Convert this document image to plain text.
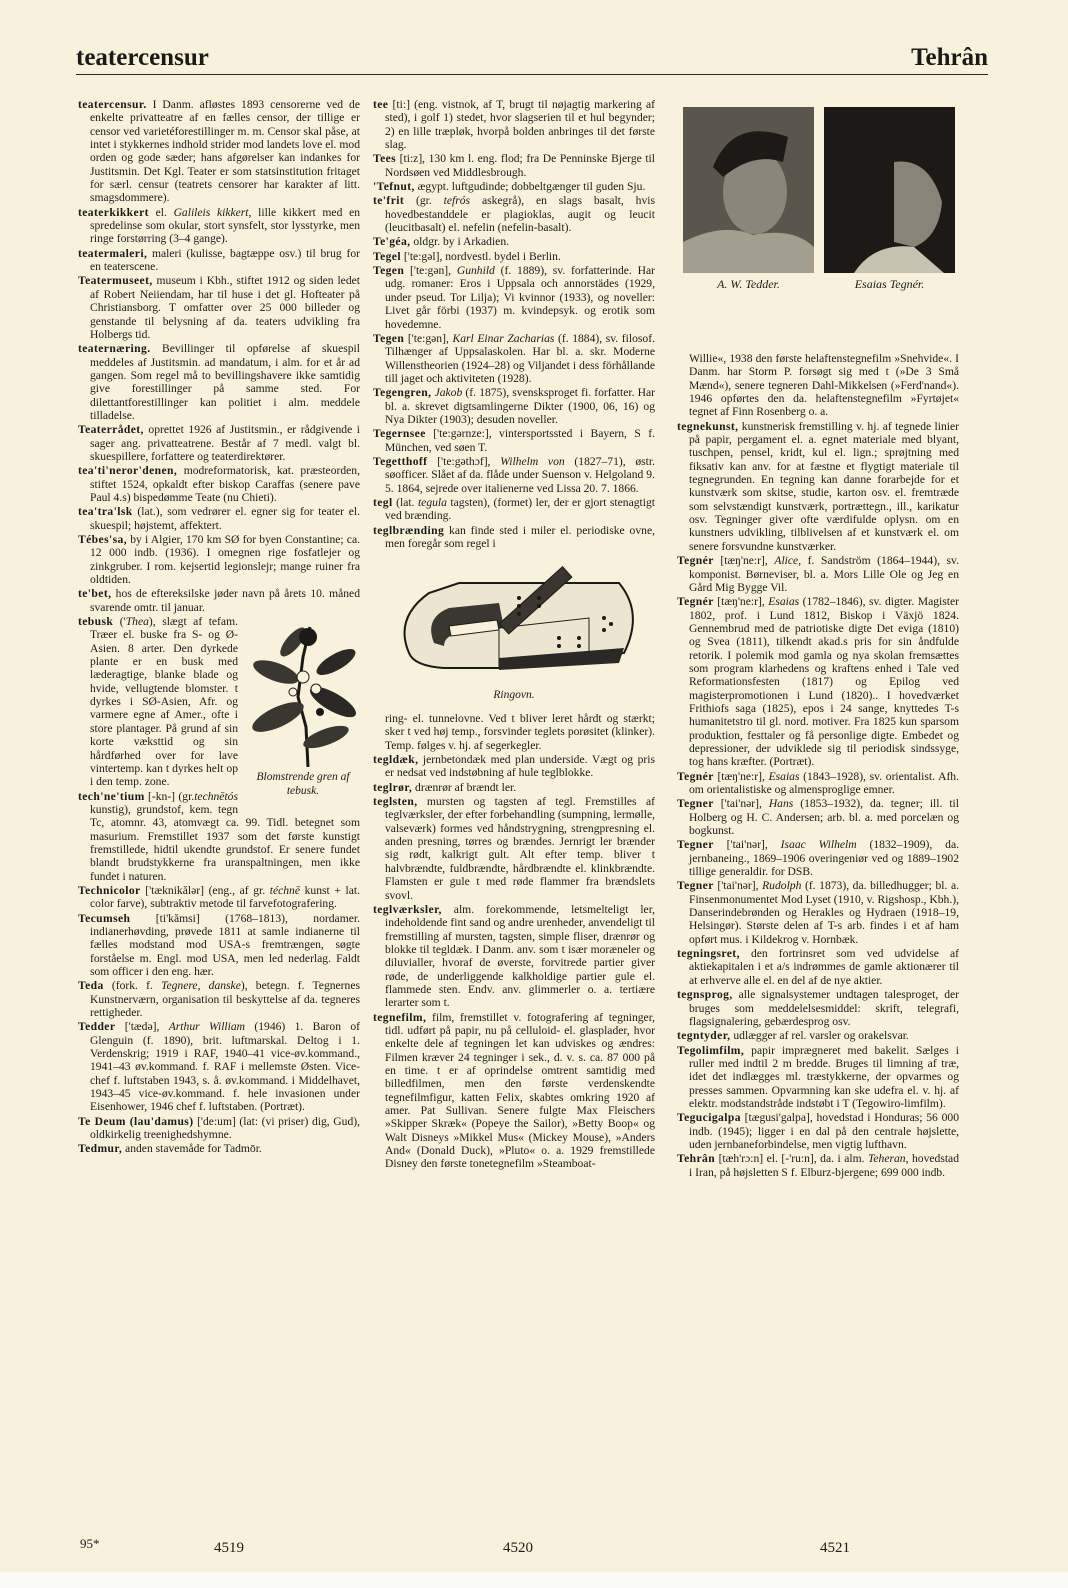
teatercensur	Tehrân

teatercensur. I Danm. afløstes 1893 censorerne ved de enkelte privatteatre af en fælles censor, der tillige er censor ved varietéforestillinger m. m. Censor skal påse, at intet i stykkernes indhold strider mod landets love el. mod orden og gode sæder; hans afgørelser kan indankes for Justitsmin. Det Kgl. Teater er som statsinstitution fritaget for særl. censur (teatrets censorer har karakter af litt. smagsdommere).

teaterkikkert el. Galileis kikkert, lille kikkert med en spredelinse som okular, stort synsfelt, stor lysstyrke, men ringe forstørring (3–4 gange).

teatermaleri, maleri (kulisse, bagtæppe osv.) til brug for en teaterscene.

Teatermuseet, museum i Kbh., stiftet 1912 og siden ledet af Robert Neiiendam, har til huse i det gl. Hofteater på Christiansborg. T omfatter over 25 000 billeder og genstande til belysning af da. teaters udvikling fra Holbergs tid.

teaternæring. Bevillinger til opførelse af skuespil meddeles af Justitsmin. ad mandatum, i alm. for et år ad gangen. Som regel må to bevillingshavere ikke samtidig give forestillinger på samme sted. For dilettantforestillinger kan politiet i alm. meddele tilladelse.

Teaterrådet, oprettet 1926 af Justitsmin., er rådgivende i sager ang. privatteatrene. Består af 7 medl. valgt bl. skuespillere, forfattere og teaterdirektører.

tea'ti'neror'denen, modreformatorisk, kat. præsteorden, stiftet 1524, opkaldt efter biskop Caraffas (senere pave Paul 4.s) bispedømme Teate (nu Chieti).

tea'tra'lsk (lat.), som vedrører el. egner sig for teater el. skuespil; højstemt, affektert.

Tébes'sa, by i Algier, 170 km SØ for byen Constantine; ca. 12 000 indb. (1936). I omegnen rige fosfatlejer og zinkgruber. I rom. kejsertid legionslejr; mange ruiner fra oldtiden.

te'bet, hos de eftereksilske jøder navn på årets 10. måned svarende omtr. til januar.

Blomstrende gren af tebusk.
tebusk ('Thea), slægt af tefam. Træer el. buske fra S- og Ø-Asien. 8 arter. Den dyrkede plante er en busk med læderagtige, blanke blade og hvide, vellugtende blomster. t dyrkes i SØ-Asien, Afr. og varmere egne af Amer., ofte i store plantager. På grund af sin korte væksttid og sin hårdførhed over for lave vintertemp. kan t dyrkes helt op i den temp. zone.

tech'ne'tium [-kn-] (gr.technētós kunstig), grundstof, kem. tegn Tc, atomnr. 43, atomvægt ca. 99. Tidl. betegnet som masurium. Fremstillet 1937 som det første kunstigt fremstillede, hidtil ukendte grundstof. Er senere fundet blandt brudstykkerne fra uranspaltningen, men ikke fundet i naturen.

Technicolor ['tæknikălər] (eng., af gr. téchnē kunst + lat. color farve), subtraktiv metode til farvefotografering.

Tecumseh [ti'kămsi] (1768–1813), nordamer. indianerhøvding, prøvede 1811 at samle indianerne til fælles modstand mod USA-s fremtrængen, søgte forståelse m. Engl. mod USA, men led nederlag. Faldt som officer i den eng. hær.

Teda (fork. f. Tegnere, danske), betegn. f. Tegnernes Kunstnerværn, organisation til beskyttelse af da. tegneres rettigheder.

Tedder ['tædə], Arthur William (1946) 1. Baron of Glenguin (f. 1890), brit. luftmarskal. Deltog i 1. Verdenskrig; 1919 i RAF, 1940–41 vice-øv.kommand., 1941–43 øv.kommand. f. RAF i mellemste Østen. Vice-chef f. luftstaben 1943, s. å. øv.kommand. i Middelhavet, 1943–45 vice-øv.kommand. f. hele invasionen under Eisenhower, 1946 chef f. luftstaben. (Portræt).

Te Deum (lau'damus) ['de:um] (lat: (vi priser) dig, Gud), oldkirkelig treenighedshymne.

Tedmur, anden stavemåde for Tadmōr.

tee [ti:] (eng. vistnok, af T, brugt til nøjagtig markering af sted), i golf 1) stedet, hvor slagserien til et hul begynder; 2) en lille træpløk, hvorpå bolden anbringes til det første slag.

Tees [ti:z], 130 km l. eng. flod; fra De Penninske Bjerge til Nordsøen ved Middlesbrough.

'Tefnut, ægypt. luftgudinde; dobbeltgænger til guden Sju.

te'frit (gr. tefrós askegrå), en slags basalt, hvis hovedbestanddele er plagioklas, augit og leucit (leucitbasalt) el. nefelin (nefelin-basalt).

Te'géa, oldgr. by i Arkadien.

Tegel ['te:gəl], nordvestl. bydel i Berlin.

Tegen ['te:gən], Gunhild (f. 1889), sv. forfatterinde. Har udg. romaner: Eros i Uppsala och annorstädes (1929, under pseud. Tor Lilja); Vi kvinnor (1933), og noveller: Livet går förbi (1937) m. kvindepsyk. og erotik som hovedemne.

Tegen ['te:gən], Karl Einar Zacharias (f. 1884), sv. filosof. Tilhænger af Uppsalaskolen. Har bl. a. skr. Moderne Willenstheorien (1924–28) og Viljandet i dess förhållande till jaget och aktiviteten (1928).

Tegengren, Jakob (f. 1875), svensksproget fi. forfatter. Har bl. a. skrevet digtsamlingerne Dikter (1900, 06, 16) og Nya Dikter (1903); desuden noveller.

Tegernsee ['te:gərnze:], vintersportssted i Bayern, S f. München, ved søen T.

Tegetthoff ['te:gəthɔf], Wilhelm von (1827–71), østr. søofficer. Slået af da. flåde under Suenson v. Helgoland 9. 5. 1864, sejrede over italienerne ved Lissa 20. 7. 1866.

tegl (lat. tegula tagsten), (formet) ler, der er gjort stenagtigt ved brænding.

teglbrænding kan finde sted i miler el. periodiske ovne, men foregår som regel i

Ringovn.

ring- el. tunnelovne. Ved t bliver leret hårdt og stærkt; sker t ved høj temp., forsvinder teglets porøsitet (klinker). Temp. følges v. hj. af segerkegler.

tegldæk, jernbetondæk med plan underside. Vægt og pris er nedsat ved indstøbning af hule teglblokke.

teglrør, drænrør af brændt ler.

teglsten, mursten og tagsten af tegl. Fremstilles af teglværksler, der efter forbehandling (sumpning, lermølle, valseværk) formes ved håndstrygning, strengpresning el. anden presning, tørres og brændes. Jernrigt ler brænder sig rødt, kalkrigt gult. Alt efter temp. bliver t halvbrændte, fuldbrændte, hårdbrændte el. klinkbrændte. Flamsten er gule t med røde flammer fra brændslets svovl.

teglværksler, alm. forekommende, letsmelteligt ler, indeholdende fint sand og andre urenheder, anvendeligt til fremstilling af mursten, tagsten, simple fliser, drænrør og blokke til tegldæk. I Danm. anv. som t især moræneler og diluvialler, hvoraf de øverste, forvitrede partier giver røde, de underliggende kalkholdige partier gule el. flammede sten. Endv. anv. glimmerler o. a. tertiære lerarter som t.

tegnefilm, film, fremstillet v. fotografering af tegninger, tidl. udført på papir, nu på celluloid- el. glasplader, hvor enkelte dele af tegningen let kan udviskes og ændres: Filmen kræver 24 tegninger i sek., d. v. s. ca. 87 000 på en time. t er af oprindelse omtrent samtidig med billedfilmen, men den første verdenskendte tegnefilmfigur, katten Felix, skabtes omkring 1920 af amer. Pat Sullivan. Senere fulgte Max Fleischers »Skipper Skræk« (Popeye the Sailor), »Betty Boop« og Walt Disneys »Mikkel Mus« (Mickey Mouse), »Anders And« (Donald Duck), »Pluto« o. a. 1929 fremstillede Disney den første tonetegnefilm »Steamboat-

A. W. Tedder.	Esaias Tegnér.

Willie«, 1938 den første helaftenstegnefilm »Snehvide«. I Danm. har Storm P. forsøgt sig med t (»De 3 Små Mænd«), senere tegneren Dahl-Mikkelsen (»Ferd'nand«). 1946 opførtes den da. helaftenstegnefilm »Fyrtøjet« tegnet af Finn Rosenberg o. a.

tegnekunst, kunstnerisk fremstilling v. hj. af tegnede linier på papir, pergament el. a. egnet materiale med blyant, tuschpen, pensel, kridt, kul el. lign.; sprøjtning med fiksativ kan anv. for at fæstne et flygtigt materiale til tegnegrunden. En tegning kan danne forarbejde for et kunstværk som skitse, studie, karton osv. el. fremtræde som selvstændigt kunstværk, portrættegn., ill., karikatur osv. Tegninger giver ofte værdifulde oplysn. om en kunstners udvikling, tilblivelsen af et kunstværk el. om senere forsvundne kunstværker.

Tegnér [tæŋ'ne:r], Alice, f. Sandström (1864–1944), sv. komponist. Børneviser, bl. a. Mors Lille Ole og Jeg en Gård Mig Bygge Vil.

Tegnér [tæŋ'ne:r], Esaias (1782–1846), sv. digter. Magister 1802, prof. i Lund 1812, Biskop i Växjö 1824. Gennembrud med de patriotiske digte Det eviga (1810) og Svea (1811), tilkendt akad.s pris for sin åndfulde retorik. I polemik mod gamla og nya skolan fremsættes som program klarhedens og kraftens enhed i Tale ved Reformationsfesten (1817) og Epilog ved magisterpromotionen i Lund (1820).. I hovedværket Frithiofs saga (1825), epos i 24 sange, knyttedes T-s humanitetstro til gl. nord. motiver. Fra 1825 kun sparsom produktion, festtaler og få personlige digte. Embedet og depressioner, der udviklede sig til periodisk sindssyge, tog hans kræfter. (Portræt).

Tegnér [tæŋ'ne:r], Esaias (1843–1928), sv. orientalist. Afh. om orientalistiske og almensproglige emner.

Tegner ['tai'nər], Hans (1853–1932), da. tegner; ill. til Holberg og H. C. Andersen; arb. bl. a. med porcelæn og bogkunst.

Tegner ['tai'nər], Isaac Wilhelm (1832–1909), da. jernbaneing., 1869–1906 overingeniør ved og 1889–1902 tillige generaldir. for DSB.

Tegner ['tai'nər], Rudolph (f. 1873), da. billedhugger; bl. a. Finsenmonumentet Mod Lyset (1910, v. Rigshosp., Kbh.), Danserindebrønden og Herakles og Hydraen (1918–19, Helsingør). Største delen af T-s arb. findes i et af ham opført mus. i Kildekrog v. Hornbæk.

tegningsret, den fortrinsret som ved udvidelse af aktiekapitalen i et a/s indrømmes de gamle aktionærer til at erhverve alle el. en del af de nye aktier.

tegnsprog, alle signalsystemer undtagen talesproget, der bruges som meddelelsesmiddel: skrift, telegrafi, flagsignalering, gebærdesprog osv.

tegntyder, udlægger af rel. varsler og orakelsvar.

Tegolimfilm, papir imprægneret med bakelit. Sælges i ruller med indtil 2 m bredde. Bruges til limning af træ, idet det indlægges ml. træstykkerne, der opvarmes og presses sammen. Opvarmning kan ske udefra el. v. hj. af elektr. modstandstråde indstøbt i T (Tegowiro-limfilm).

Tegucigalpa [tægusi'galpa], hovedstad i Honduras; 56 000 indb. (1945); ligger i en dal på den centrale højslette, uden jernbaneforbindelse, men vigtig lufthavn.

Tehrân [tæh'rɔ:n] el. [-'ru:n], da. i alm. Teheran, hovedstad i Iran, på højsletten S f. Elburz-bjergene; 699 000 indb.

95*	4519	4520	4521
